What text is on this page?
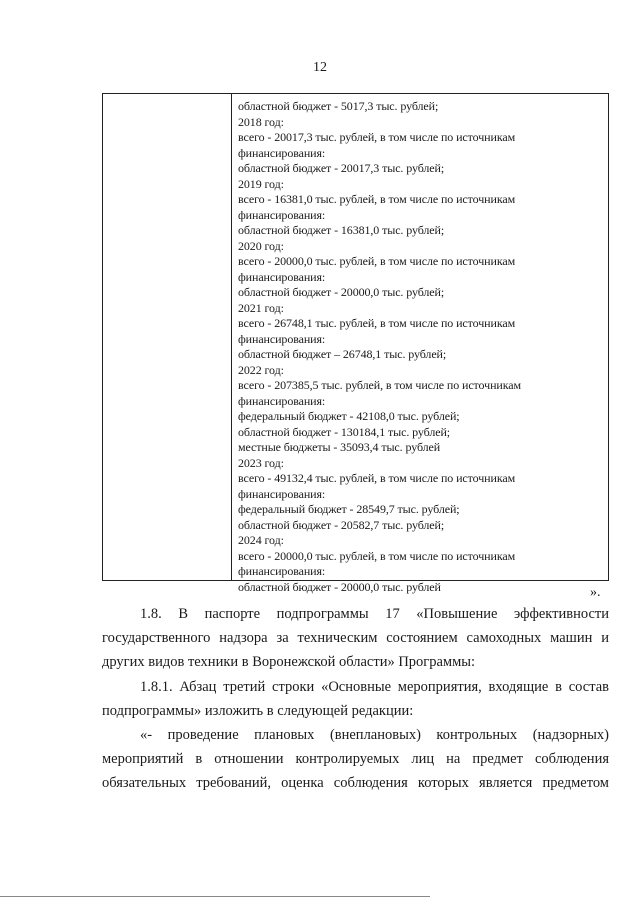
12
областной бюджет - 5017,3 тыс. рублей;
2018 год:
всего - 20017,3 тыс. рублей, в том числе по источникам
финансирования:
областной бюджет - 20017,3 тыс. рублей;
2019 год:
всего - 16381,0 тыс. рублей, в том числе по источникам
финансирования:
областной бюджет - 16381,0 тыс. рублей;
2020 год:
всего - 20000,0 тыс. рублей, в том числе по источникам
финансирования:
областной бюджет - 20000,0 тыс. рублей;
2021 год:
всего - 26748,1 тыс. рублей, в том числе по источникам
финансирования:
областной бюджет – 26748,1 тыс. рублей;
2022 год:
всего - 207385,5 тыс. рублей, в том числе по источникам
финансирования:
федеральный бюджет - 42108,0 тыс. рублей;
областной бюджет - 130184,1 тыс. рублей;
местные бюджеты - 35093,4 тыс. рублей
2023 год:
всего - 49132,4 тыс. рублей, в том числе по источникам
финансирования:
федеральный бюджет - 28549,7 тыс. рублей;
областной бюджет - 20582,7 тыс. рублей;
2024 год:
всего - 20000,0 тыс. рублей, в том числе по источникам
финансирования:
областной бюджет - 20000,0 тыс. рублей	».

1.8. В паспорте подпрограммы 17 «Повышение эффективности

государственного надзора за техническим состоянием самоходных машин и

других видов техники в Воронежской области» Программы:

1.8.1. Абзац третий строки «Основные мероприятия, входящие в состав

подпрограммы» изложить в следующей редакции:

«- проведение плановых (внеплановых) контрольных (надзорных)

мероприятий в отношении контролируемых лиц на предмет соблюдения

обязательных требований, оценка соблюдения которых является предметом
